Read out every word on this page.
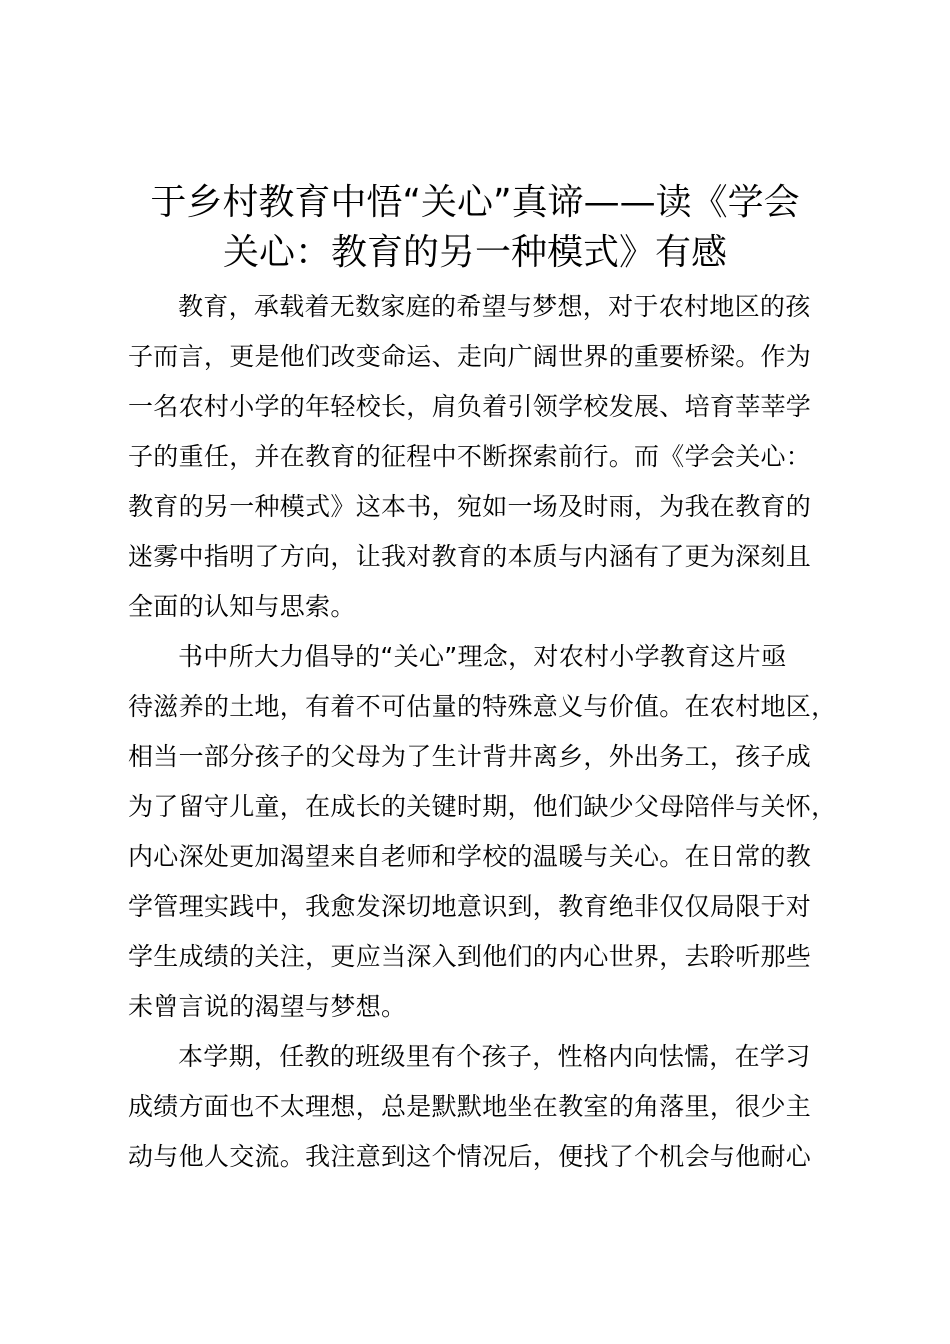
于乡村教育中悟“关心”真谛——读《学会
关心：教育的另一种模式》有感
教育，承载着无数家庭的希望与梦想，对于农村地区的孩
子而言，更是他们改变命运、走向广阔世界的重要桥梁。作为
一名农村小学的年轻校长，肩负着引领学校发展、培育莘莘学
子的重任，并在教育的征程中不断探索前行。而《学会关心：
教育的另一种模式》这本书，宛如一场及时雨，为我在教育的
迷雾中指明了方向，让我对教育的本质与内涵有了更为深刻且
全面的认知与思索。
书中所大力倡导的“关心”理念，对农村小学教育这片亟
待滋养的土地，有着不可估量的特殊意义与价值。在农村地区，
相当一部分孩子的父母为了生计背井离乡，外出务工，孩子成
为了留守儿童，在成长的关键时期，他们缺少父母陪伴与关怀，
内心深处更加渴望来自老师和学校的温暖与关心。在日常的教
学管理实践中，我愈发深切地意识到，教育绝非仅仅局限于对
学生成绩的关注，更应当深入到他们的内心世界，去聆听那些
未曾言说的渴望与梦想。
本学期，任教的班级里有个孩子，性格内向怯懦，在学习
成绩方面也不太理想，总是默默地坐在教室的角落里，很少主
动与他人交流。我注意到这个情况后，便找了个机会与他耐心
